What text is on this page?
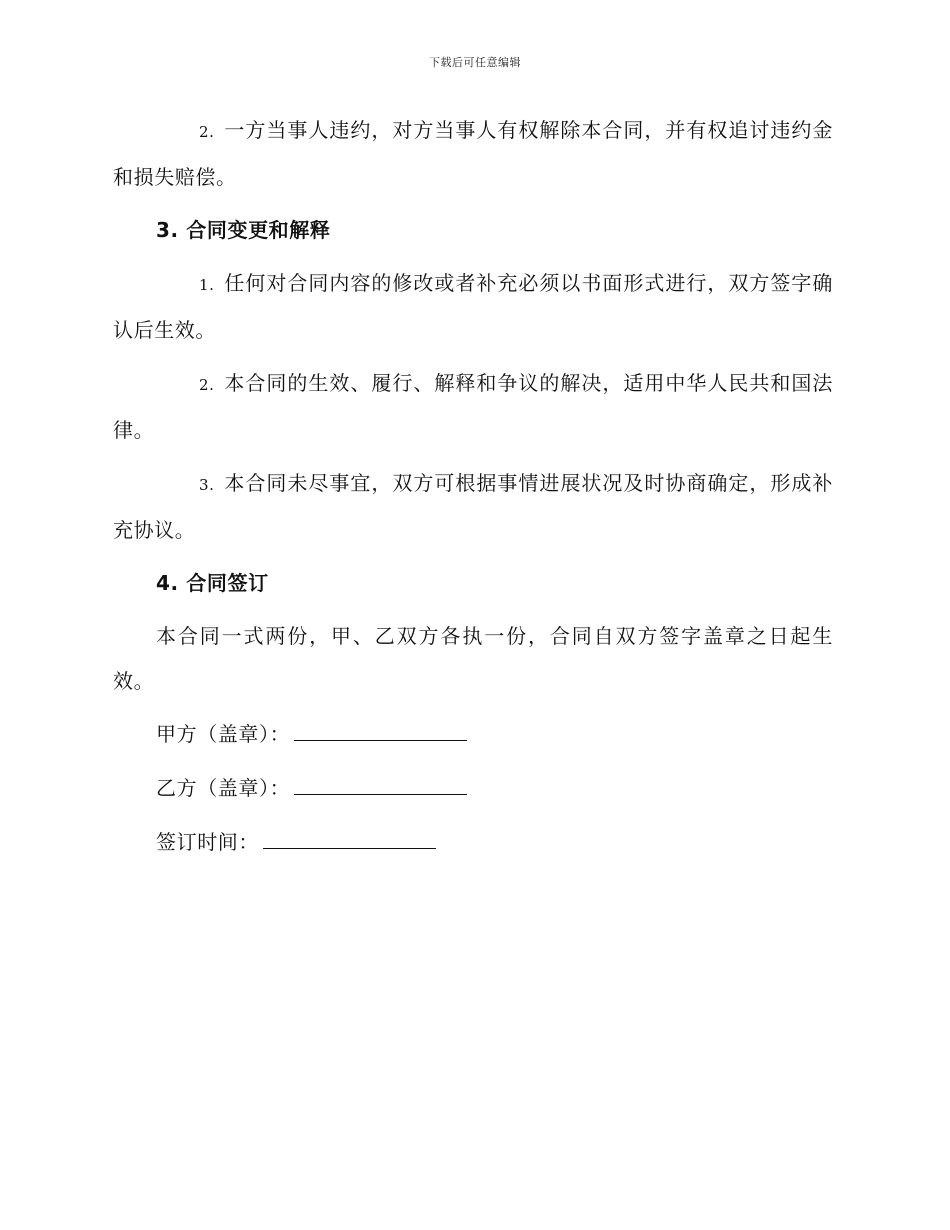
下载后可任意编辑

2. 一方当事人违约，对方当事人有权解除本合同，并有权追讨违约金和损失赔偿。

3. 合同变更和解释

1. 任何对合同内容的修改或者补充必须以书面形式进行，双方签字确认后生效。

2. 本合同的生效、履行、解释和争议的解决，适用中华人民共和国法律。

3. 本合同未尽事宜，双方可根据事情进展状况及时协商确定，形成补充协议。

4. 合同签订

本合同一式两份，甲、乙双方各执一份，合同自双方签字盖章之日起生效。

甲方（盖章）：
乙方（盖章）：
签订时间：
